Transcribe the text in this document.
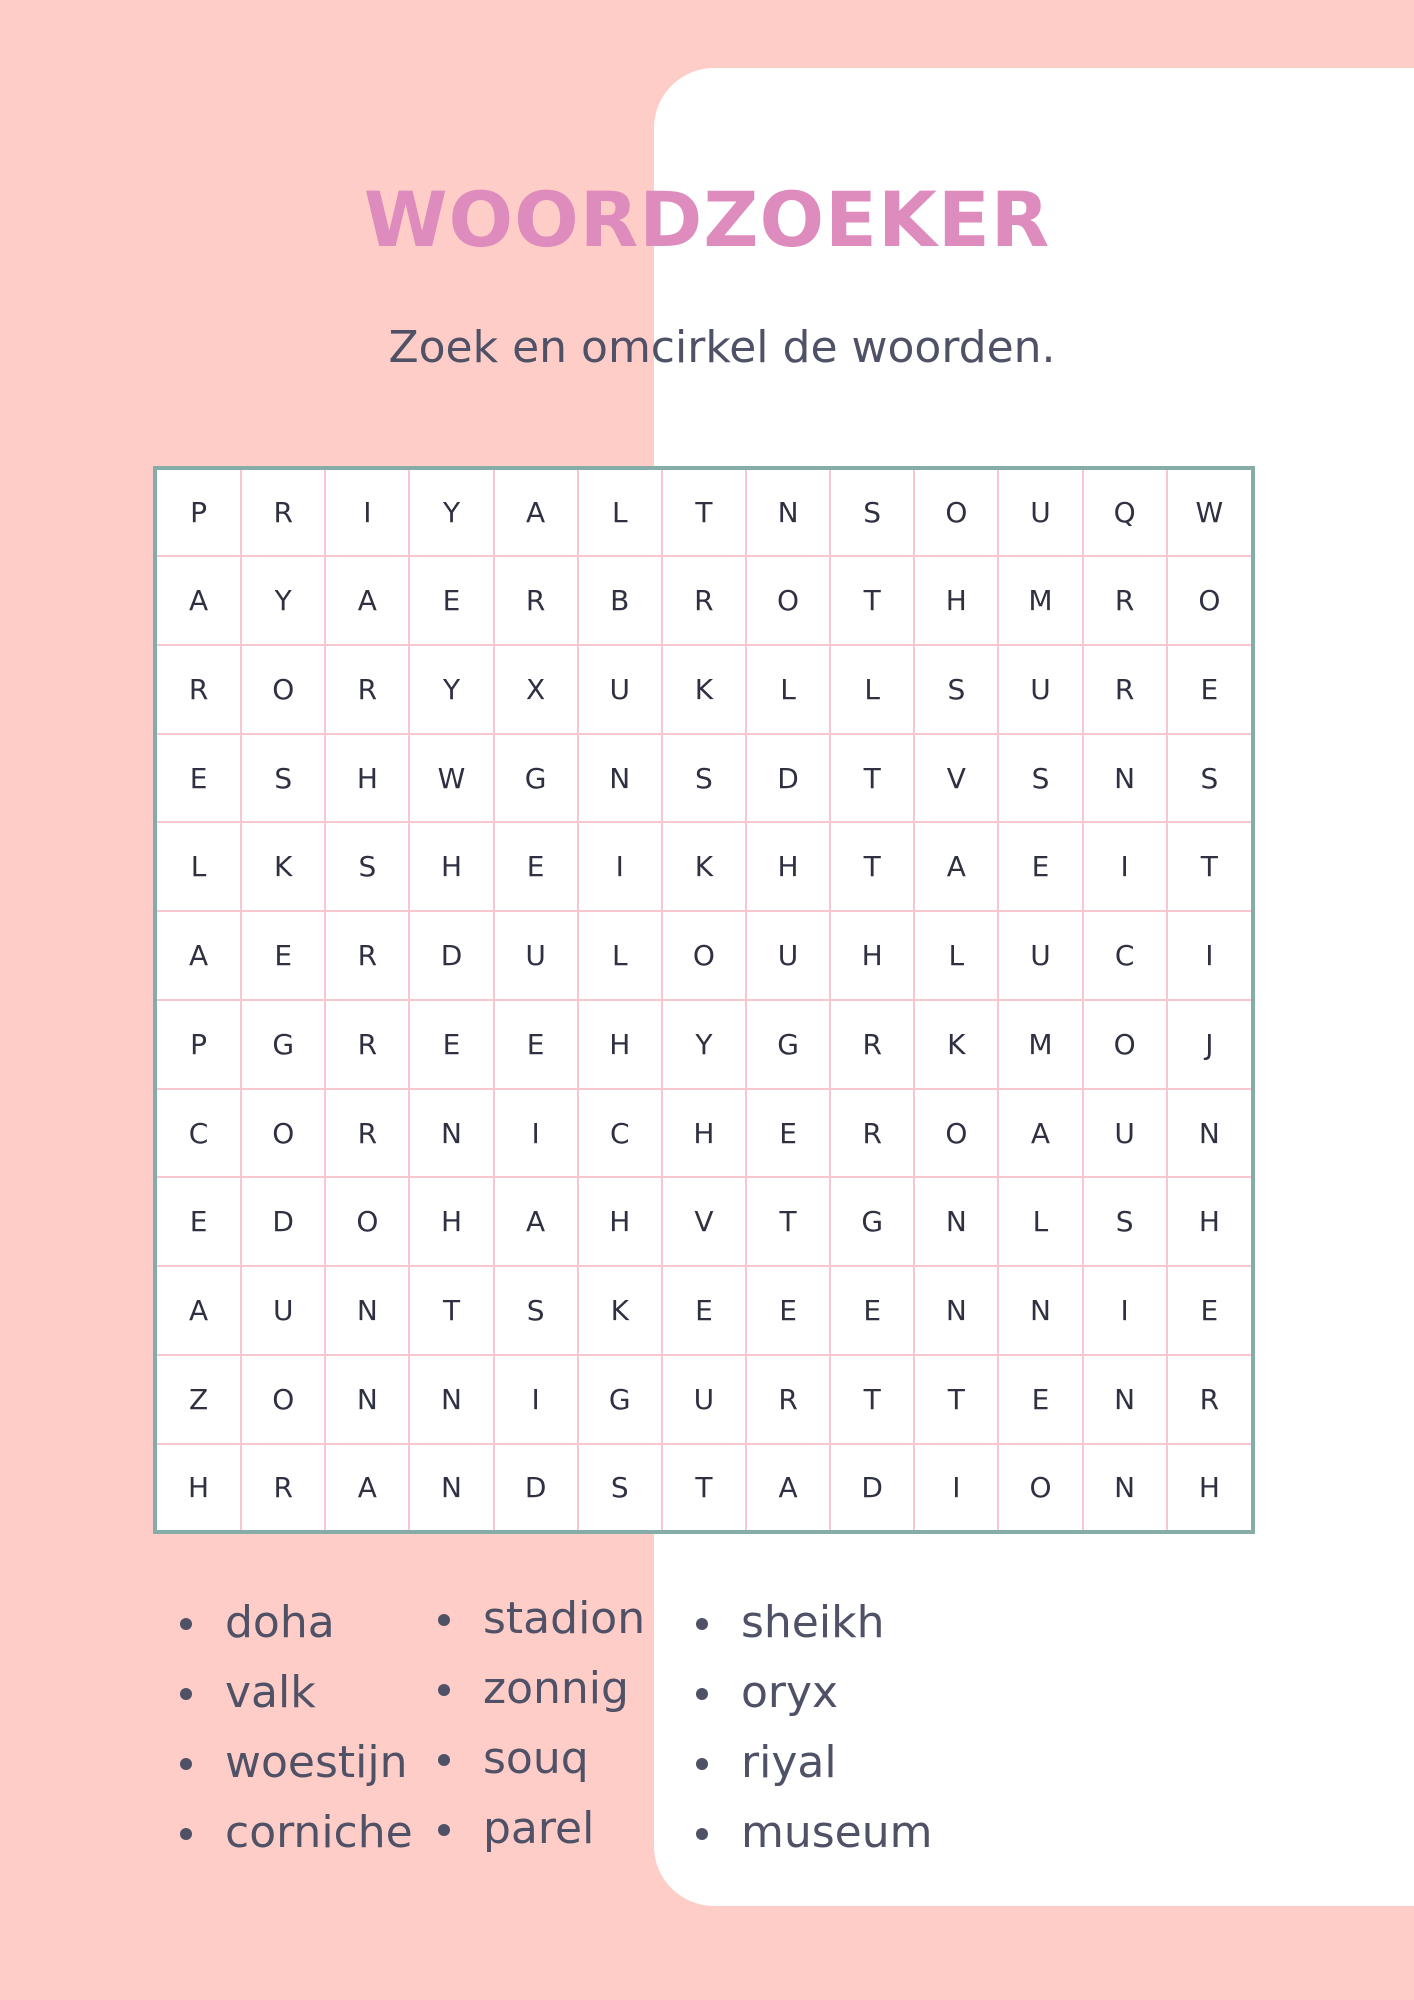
WOORDZOEKER

Zoek en omcirkel de woorden.

P	R	I	Y	A	L	T	N	S	O	U	Q	W
A	Y	A	E	R	B	R	O	T	H	M	R	O
R	O	R	Y	X	U	K	L	L	S	U	R	E
E	S	H	W	G	N	S	D	T	V	S	N	S
L	K	S	H	E	I	K	H	T	A	E	I	T
A	E	R	D	U	L	O	U	H	L	U	C	I
P	G	R	E	E	H	Y	G	R	K	M	O	J
C	O	R	N	I	C	H	E	R	O	A	U	N
E	D	O	H	A	H	V	T	G	N	L	S	H
A	U	N	T	S	K	E	E	E	N	N	I	E
Z	O	N	N	I	G	U	R	T	T	E	N	R
H	R	A	N	D	S	T	A	D	I	O	N	H
doha
valk
woestijn
corniche
stadion
zonnig
souq
parel
sheikh
oryx
riyal
museum
